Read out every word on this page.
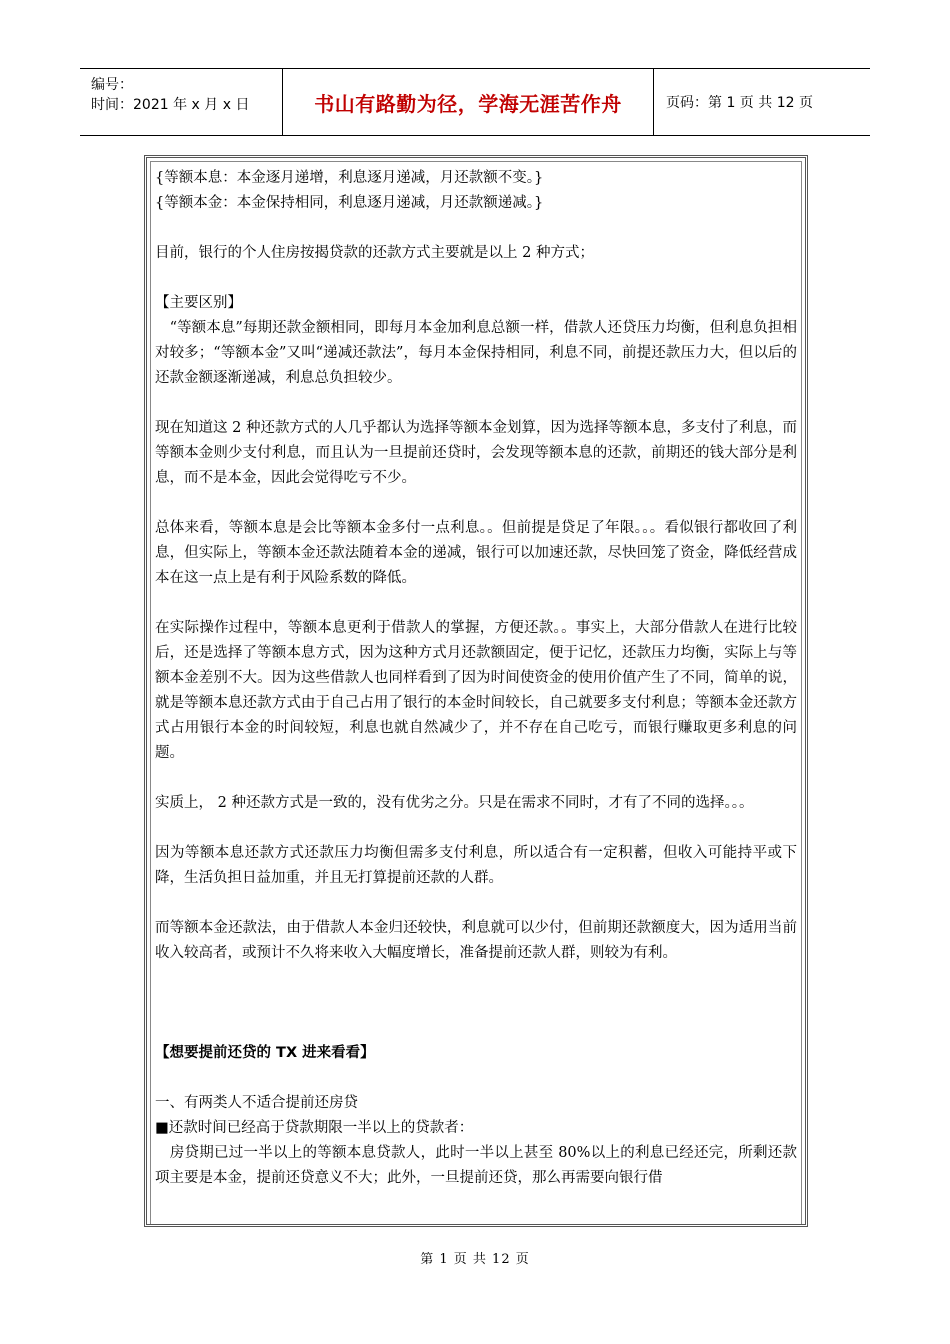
编号：
时间：2021 年 x 月 x 日	书山有路勤为径，学海无涯苦作舟	页码：第 1 页 共 12 页

{等额本息：本金逐月递增，利息逐月递减，月还款额不变。}

{等额本金：本金保持相同，利息逐月递减，月还款额递减。}

目前，银行的个人住房按揭贷款的还款方式主要就是以上 2 种方式；

【主要区别】

　“等额本息”每期还款金额相同，即每月本金加利息总额一样，借款人还贷压力均衡，但利息负担相对较多；“等额本金”又叫“递减还款法”，每月本金保持相同，利息不同，前提还款压力大，但以后的还款金额逐渐递减，利息总负担较少。

现在知道这 2 种还款方式的人几乎都认为选择等额本金划算，因为选择等额本息，多支付了利息，而等额本金则少支付利息，而且认为一旦提前还贷时，会发现等额本息的还款，前期还的钱大部分是利息，而不是本金，因此会觉得吃亏不少。

总体来看，等额本息是会比等额本金多付一点利息。。但前提是贷足了年限。。。看似银行都收回了利息，但实际上，等额本金还款法随着本金的递减，银行可以加速还款，尽快回笼了资金，降低经营成本在这一点上是有利于风险系数的降低。

在实际操作过程中，等额本息更利于借款人的掌握，方便还款。。事实上，大部分借款人在进行比较后，还是选择了等额本息方式，因为这种方式月还款额固定，便于记忆，还款压力均衡，实际上与等额本金差别不大。因为这些借款人也同样看到了因为时间使资金的使用价值产生了不同，简单的说，就是等额本息还款方式由于自己占用了银行的本金时间较长，自己就要多支付利息；等额本金还款方式占用银行本金的时间较短，利息也就自然减少了，并不存在自己吃亏，而银行赚取更多利息的问题。

实质上， 2 种还款方式是一致的，没有优劣之分。只是在需求不同时，才有了不同的选择。。。

因为等额本息还款方式还款压力均衡但需多支付利息，所以适合有一定积蓄，但收入可能持平或下降，生活负担日益加重，并且无打算提前还款的人群。

而等额本金还款法，由于借款人本金归还较快，利息就可以少付，但前期还款额度大，因为适用当前收入较高者，或预计不久将来收入大幅度增长，准备提前还款人群，则较为有利。

【想要提前还贷的 TX 进来看看】

一、有两类人不适合提前还房贷

■还款时间已经高于贷款期限一半以上的贷款者：

　房贷期已过一半以上的等额本息贷款人，此时一半以上甚至 80%以上的利息已经还完，所剩还款项主要是本金，提前还贷意义不大；此外，一旦提前还贷，那么再需要向银行借

第 1 页 共 12 页
